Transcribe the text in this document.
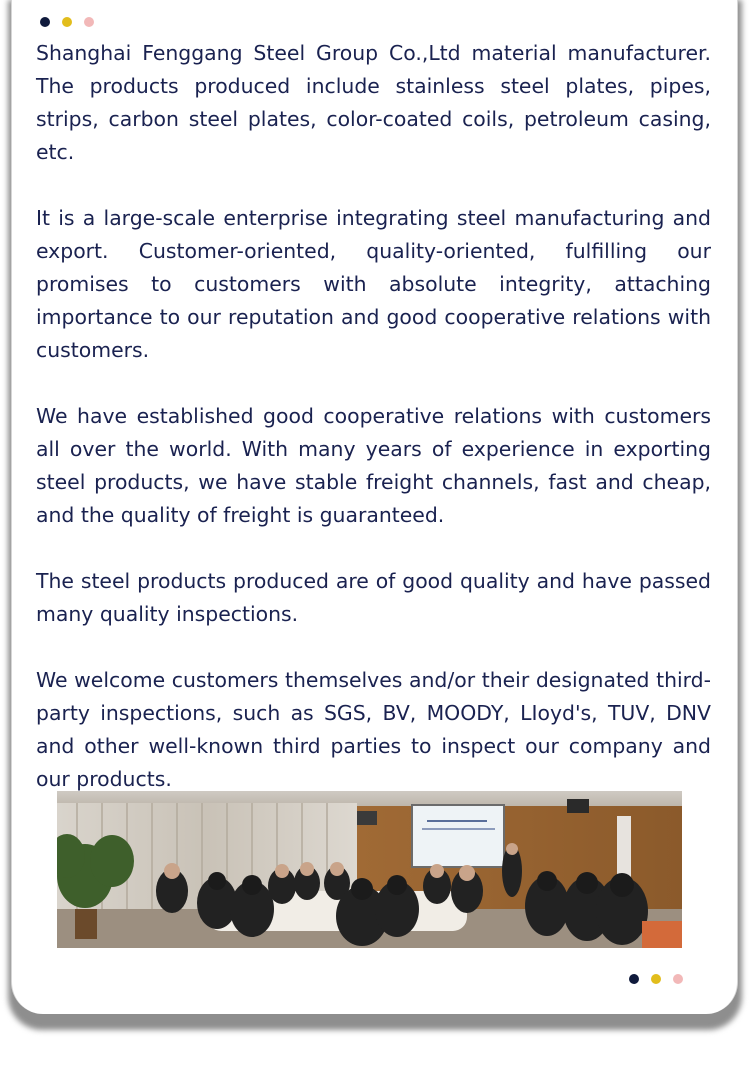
Shanghai Fenggang Steel Group Co.,Ltd material manufacturer. The products produced include stainless steel plates, pipes, strips, carbon steel plates, color-coated coils, petroleum casing, etc.

It is a large-scale enterprise integrating steel manufacturing and export. Customer-oriented, quality-oriented, fulfilling our promises to customers with absolute integrity, attaching importance to our reputation and good cooperative relations with customers.

We have established good cooperative relations with customers all over the world. With many years of experience in exporting steel products, we have stable freight channels, fast and cheap, and the quality of freight is guaranteed.

The steel products produced are of good quality and have passed many quality inspections.

We welcome customers themselves and/or their designated third-party inspections, such as SGS, BV, MOODY, LIoyd's, TUV, DNV and other well-known third parties to inspect our company and our products.
